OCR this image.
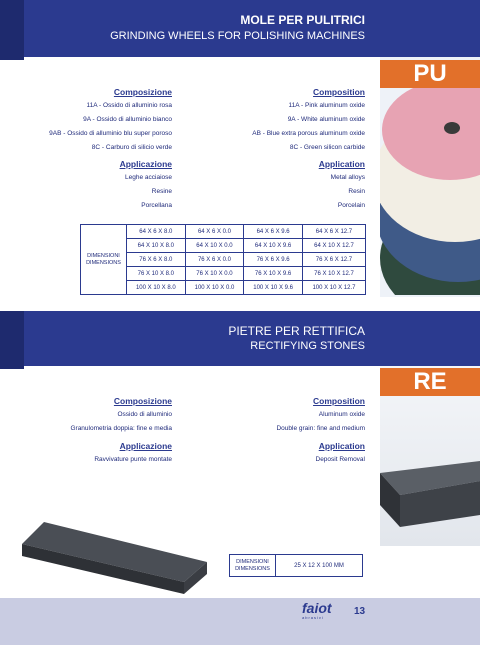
MOLE PER PULITRICI
GRINDING WHEELS FOR POLISHING MACHINES
PU
Composizione
11A - Ossido di alluminio rosa
9A - Ossido di alluminio bianco
9AB - Ossido di alluminio blu super poroso
8C - Carburo di silicio verde
Applicazione
Leghe acciaiose
Resine
Porcellana
Composition
11A - Pink aluminum oxide
9A - White aluminum oxide
AB - Blue extra porous aluminum oxide
8C - Green silicon carbide
Application
Metal alloys
Resin
Porcelain
DIMENSIONI
DIMENSIONS	64 X 6 X 8.0	64 X 6 X 0.0	64 X 6 X 9.6	64 X 6 X 12.7
	64 X 10 X 8.0	64 X 10 X 0.0	64 X 10 X 9.6	64 X 10 X 12.7
	76 X 6 X 8.0	76 X 6 X 0.0	76 X 6 X 9.6	76 X 6 X 12.7
	76 X 10 X 8.0	76 X 10 X 0.0	76 X 10 X 9.6	76 X 10 X 12.7
	100 X 10 X 8.0	100 X 10 X 0.0	100 X 10 X 9.6	100 X 10 X 12.7
PIETRE PER RETTIFICA
RECTIFYING STONES
RE
Composizione
Ossido di alluminio
Granulometria doppia: fine e media
Applicazione
Ravvivature punte montate
Composition
Aluminum oxide
Double grain: fine and medium
Application
Deposit Removal
DIMENSIONI
DIMENSIONS	25 X 12 X 100 MM
faiot
abrasivi
13
